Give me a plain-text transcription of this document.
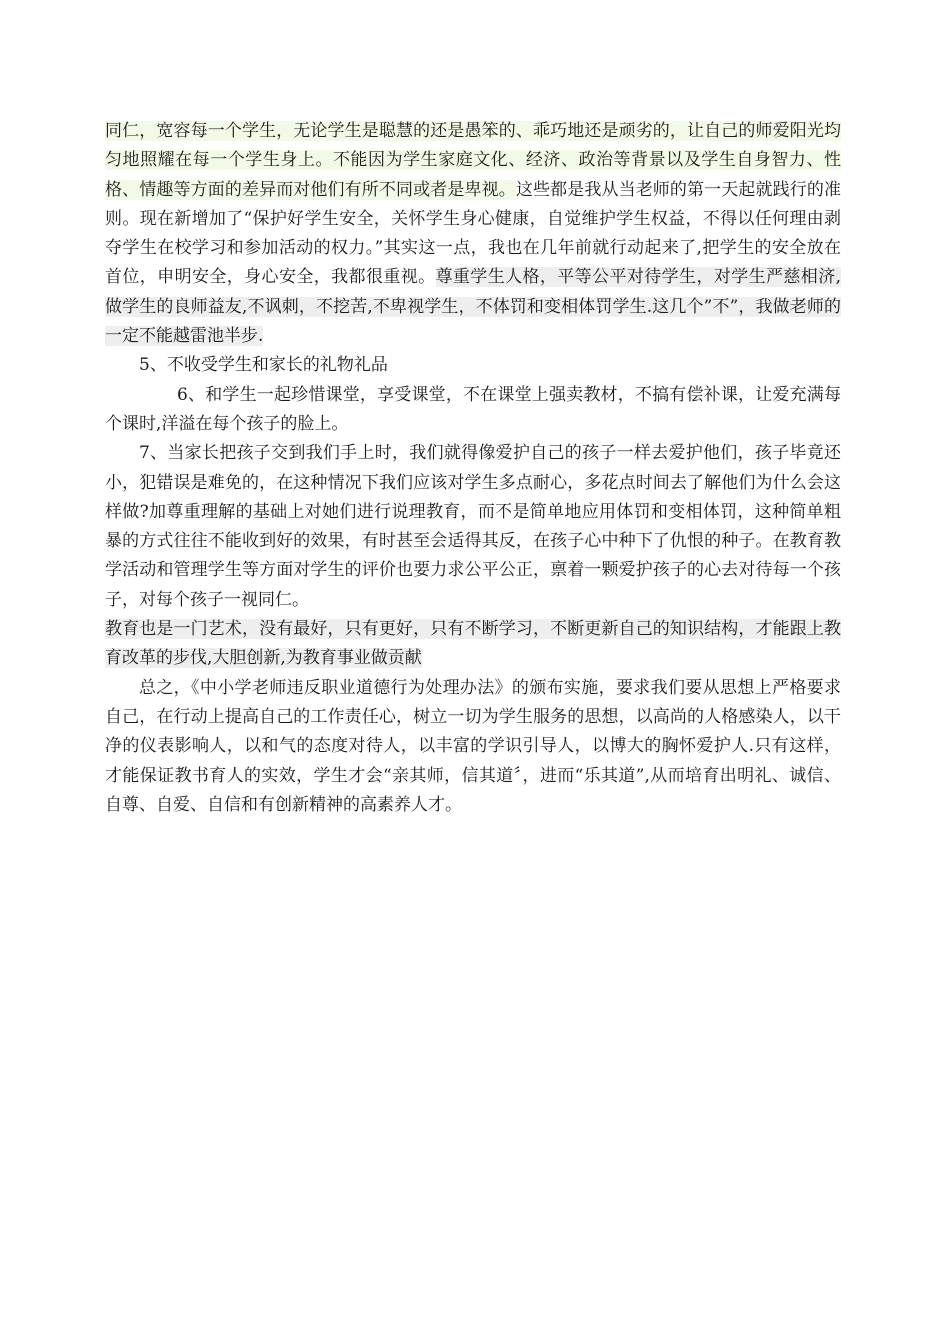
同仁，宽容每一个学生，无论学生是聪慧的还是愚笨的、乖巧地还是顽劣的，让自己的师爱阳光均匀地照耀在每一个学生身上。不能因为学生家庭文化、经济、政治等背景以及学生自身智力、性格、情趣等方面的差异而对他们有所不同或者是卑视。这些都是我从当老师的第一天起就践行的准则。现在新增加了“保护好学生安全，关怀学生身心健康，自觉维护学生权益，不得以任何理由剥夺学生在校学习和参加活动的权力。”其实这一点，我也在几年前就行动起来了,把学生的安全放在首位，申明安全，身心安全，我都很重视。尊重学生人格，平等公平对待学生，对学生严慈相济,做学生的良师益友,不讽刺，不挖苦,不卑视学生，不体罚和变相体罚学生.这几个”不”，我做老师的一定不能越雷池半步.

5、不收受学生和家长的礼物礼品

6、和学生一起珍惜课堂，享受课堂，不在课堂上强卖教材，不搞有偿补课，让爱充满每个课时,洋溢在每个孩子的脸上。

7、当家长把孩子交到我们手上时，我们就得像爱护自己的孩子一样去爱护他们，孩子毕竟还小，犯错误是难免的，在这种情况下我们应该对学生多点耐心，多花点时间去了解他们为什么会这样做?加尊重理解的基础上对她们进行说理教育，而不是简单地应用体罚和变相体罚，这种简单粗暴的方式往往不能收到好的效果，有时甚至会适得其反，在孩子心中种下了仇恨的种子。在教育教学活动和管理学生等方面对学生的评价也要力求公平公正，禀着一颗爱护孩子的心去对待每一个孩子，对每个孩子一视同仁。

教育也是一门艺术，没有最好，只有更好，只有不断学习，不断更新自己的知识结构，才能跟上教育改革的步伐,大胆创新,为教育事业做贡献

总之，《中小学老师违反职业道德行为处理办法》的颁布实施，要求我们要从思想上严格要求自己，在行动上提高自己的工作责任心，树立一切为学生服务的思想，以高尚的人格感染人，以干净的仪表影响人，以和气的态度对待人，以丰富的学识引导人，以博大的胸怀爱护人.只有这样，才能保证教书育人的实效，学生才会“亲其师，信其道〞，进而“乐其道”,从而培育出明礼、诚信、自尊、自爱、自信和有创新精神的高素养人才。
